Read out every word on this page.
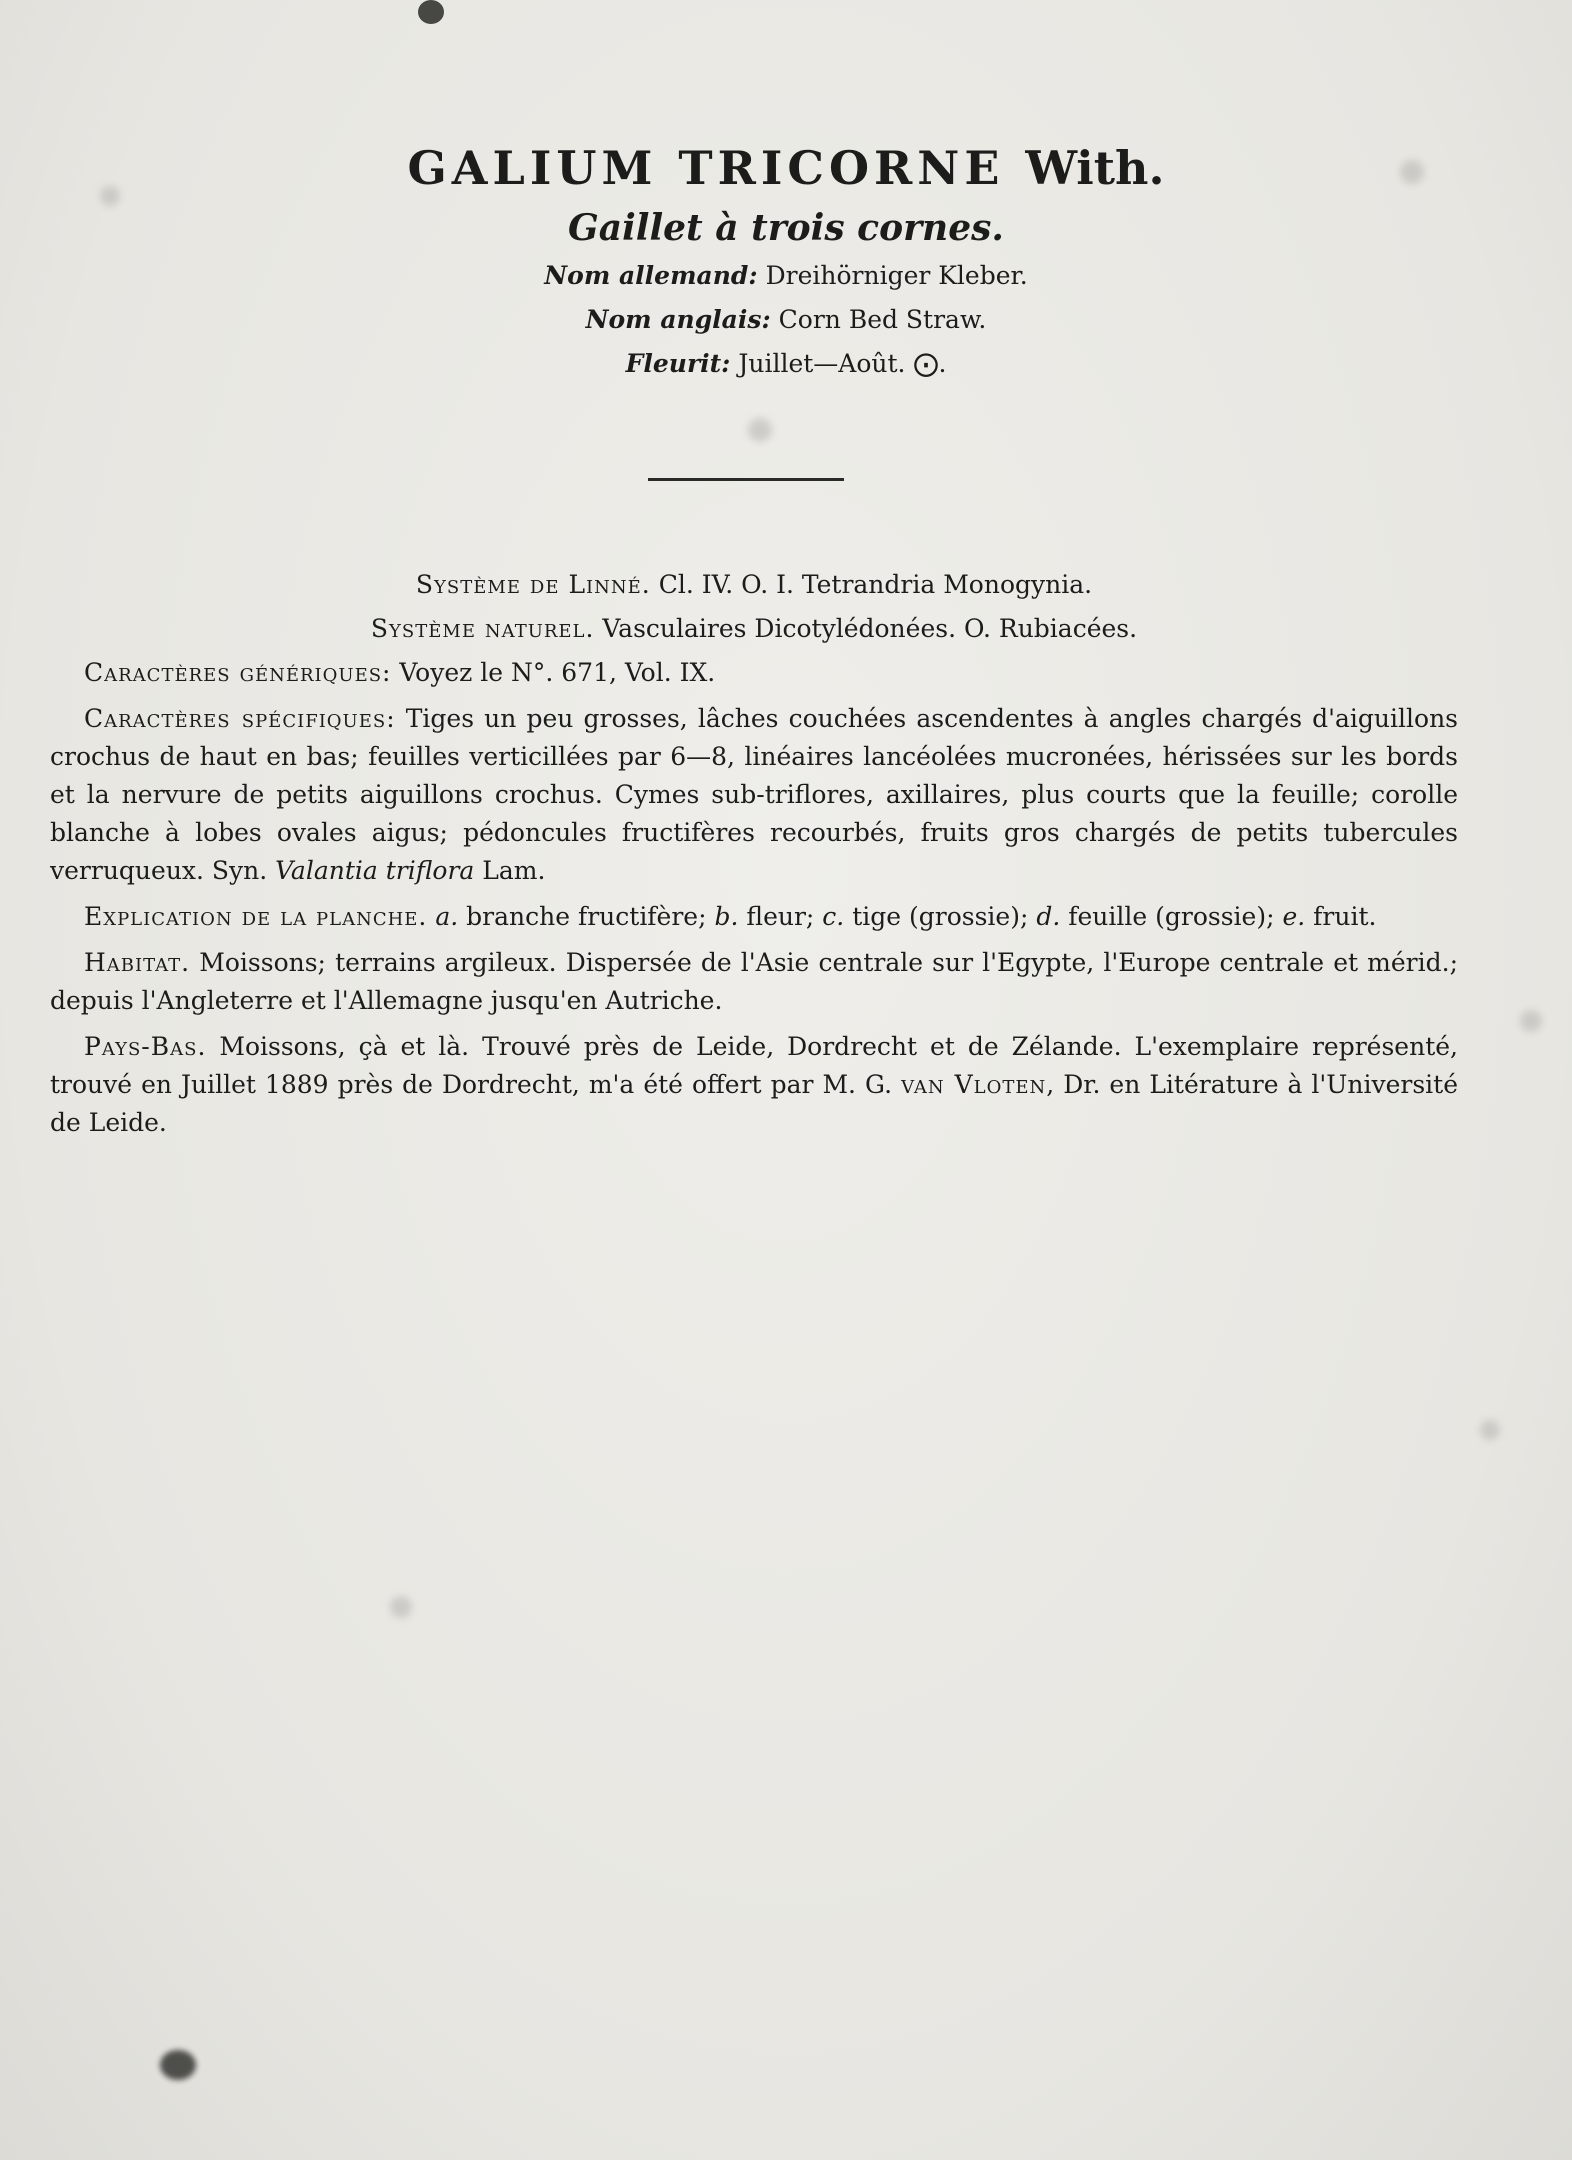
GALIUM TRICORNE With.

Gaillet à trois cornes.

Nom allemand: Dreihörniger Kleber.

Nom anglais: Corn Bed Straw.

Fleurit: Juillet—Août. ⨀.

Système de Linné. Cl. IV. O. I. Tetrandria Monogynia.

Système naturel. Vasculaires Dicotylédonées. O. Rubiacées.

Caractères génériques: Voyez le N°. 671, Vol. IX.

Caractères spécifiques: Tiges un peu grosses, lâches couchées ascendentes à angles chargés d'aiguillons crochus de haut en bas; feuilles verticillées par 6—8, linéaires lancéolées mucronées, hérissées sur les bords et la nervure de petits aiguillons crochus. Cymes sub-triflores, axillaires, plus courts que la feuille; corolle blanche à lobes ovales aigus; pédoncules fructifères recourbés, fruits gros chargés de petits tubercules verruqueux. Syn. Valantia triflora Lam.

Explication de la planche. a. branche fructifère; b. fleur; c. tige (grossie); d. feuille (grossie); e. fruit.

Habitat. Moissons; terrains argileux. Dispersée de l'Asie centrale sur l'Egypte, l'Europe centrale et mérid.; depuis l'Angleterre et l'Allemagne jusqu'en Autriche.

Pays-Bas. Moissons, çà et là. Trouvé près de Leide, Dordrecht et de Zélande. L'exemplaire représenté, trouvé en Juillet 1889 près de Dordrecht, m'a été offert par M. G. van Vloten, Dr. en Litérature à l'Université de Leide.
